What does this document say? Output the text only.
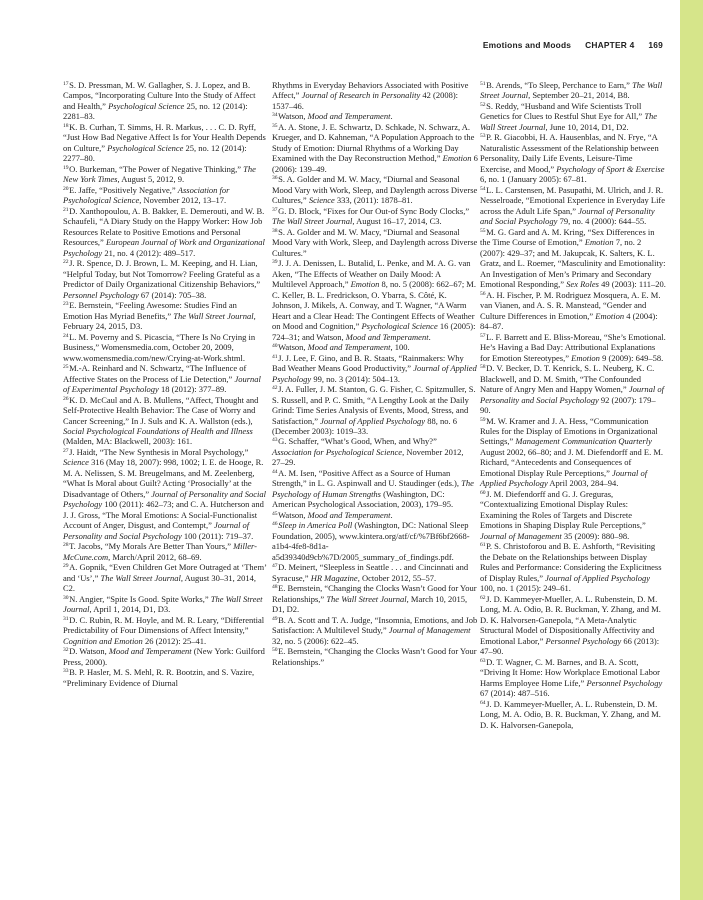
Emotions and Moods CHAPTER 4 169

$^{17}$S. D. Pressman, M. W. Gallagher, S. J. Lopez, and B. Campos, “Incorporating Culture Into the Study of Affect and Health,” Psychological Science 25, no. 12 (2014): 2281–83.

$^{18}$K. B. Curhan, T. Simms, H. R. Markus, . . . C. D. Ryff, “Just How Bad Negative Affect Is for Your Health Depends on Culture,” Psychological Science 25, no. 12 (2014): 2277–80.

$^{19}$O. Burkeman, “The Power of Negative Thinking,” The New York Times, August 5, 2012, 9.

$^{20}$E. Jaffe, “Positively Negative,” Association for Psychological Science, November 2012, 13–17.

$^{21}$D. Xanthopoulou, A. B. Bakker, E. Demerouti, and W. B. Schaufeli, “A Diary Study on the Happy Worker: How Job Resources Relate to Positive Emotions and Personal Resources,” European Journal of Work and Organizational Psychology 21, no. 4 (2012): 489–517.

$^{22}$J. R. Spence, D. J. Brown, L. M. Keeping, and H. Lian, “Helpful Today, but Not Tomorrow? Feeling Grateful as a Predictor of Daily Organizational Citizenship Behaviors,” Personnel Psychology 67 (2014): 705–38.

$^{23}$E. Bernstein, “Feeling Awesome: Studies Find an Emotion Has Myriad Benefits,” The Wall Street Journal, February 24, 2015, D3.

$^{24}$L. M. Poverny and S. Picascia, “There Is No Crying in Business,” Womensmedia.com, October 20, 2009, www.womensmedia.com/new/Crying-at-Work.shtml.

$^{25}$M.-A. Reinhard and N. Schwartz, “The Influence of Affective States on the Process of Lie Detection,” Journal of Experimental Psychology 18 (2012): 377–89.

$^{26}$K. D. McCaul and A. B. Mullens, “Affect, Thought and Self-Protective Health Behavior: The Case of Worry and Cancer Screening,” In J. Suls and K. A. Wallston (eds.), Social Psychological Foundations of Health and Illness (Malden, MA: Blackwell, 2003): 161.

$^{27}$J. Haidt, “The New Synthesis in Moral Psychology,” Science 316 (May 18, 2007): 998, 1002; I. E. de Hooge, R. M. A. Nelissen, S. M. Breugelmans, and M. Zeelenberg, “What Is Moral about Guilt? Acting ‘Prosocially’ at the Disadvantage of Others,” Journal of Personality and Social Psychology 100 (2011): 462–73; and C. A. Hutcherson and J. J. Gross, “The Moral Emotions: A Social-Functionalist Account of Anger, Disgust, and Contempt,” Journal of Personality and Social Psychology 100 (2011): 719–37.

$^{28}$T. Jacobs, “My Morals Are Better Than Yours,” Miller-McCune.com, March/April 2012, 68–69.

$^{29}$A. Gopnik, “Even Children Get More Outraged at ‘Them’ and ‘Us’,” The Wall Street Journal, August 30–31, 2014, C2.

$^{30}$N. Angier, “Spite Is Good. Spite Works,” The Wall Street Journal, April 1, 2014, D1, D3.

$^{31}$D. C. Rubin, R. M. Hoyle, and M. R. Leary, “Differential Predictability of Four Dimensions of Affect Intensity,” Cognition and Emotion 26 (2012): 25–41.

$^{32}$D. Watson, Mood and Temperament (New York: Guilford Press, 2000).

$^{33}$B. P. Hasler, M. S. Mehl, R. R. Bootzin, and S. Vazire, “Preliminary Evidence of Diurnal

Rhythms in Everyday Behaviors Associated with Positive Affect,” Journal of Research in Personality 42 (2008): 1537–46.

$^{34}$Watson, Mood and Temperament.

$^{35}$A. A. Stone, J. E. Schwartz, D. Schkade, N. Schwarz, A. Krueger, and D. Kahneman, “A Population Approach to the Study of Emotion: Diurnal Rhythms of a Working Day Examined with the Day Reconstruction Method,” Emotion 6 (2006): 139–49.

$^{36}$S. A. Golder and M. W. Macy, “Diurnal and Seasonal Mood Vary with Work, Sleep, and Daylength across Diverse Cultures,” Science 333, (2011): 1878–81.

$^{37}$G. D. Block, “Fixes for Our Out-of Sync Body Clocks,” The Wall Street Journal, August 16–17, 2014, C3.

$^{38}$S. A. Golder and M. W. Macy, “Diurnal and Seasonal Mood Vary with Work, Sleep, and Daylength across Diverse Cultures.”

$^{39}$J. J. A. Denissen, L. Butalid, L. Penke, and M. A. G. van Aken, “The Effects of Weather on Daily Mood: A Multilevel Approach,” Emotion 8, no. 5 (2008): 662–67; M. C. Keller, B. L. Fredrickson, O. Ybarra, S. Côté, K. Johnson, J. Mikels, A. Conway, and T. Wagner, “A Warm Heart and a Clear Head: The Contingent Effects of Weather on Mood and Cognition,” Psychological Science 16 (2005): 724–31; and Watson, Mood and Temperament.

$^{40}$Watson, Mood and Temperament, 100.

$^{41}$J. J. Lee, F. Gino, and B. R. Staats, “Rainmakers: Why Bad Weather Means Good Productivity,” Journal of Applied Psychology 99, no. 3 (2014): 504–13.

$^{42}$J. A. Fuller, J. M. Stanton, G. G. Fisher, C. Spitzmuller, S. S. Russell, and P. C. Smith, “A Lengthy Look at the Daily Grind: Time Series Analysis of Events, Mood, Stress, and Satisfaction,” Journal of Applied Psychology 88, no. 6 (December 2003): 1019–33.

$^{43}$G. Schaffer, “What’s Good, When, and Why?” Association for Psychological Science, November 2012, 27–29.

$^{44}$A. M. Isen, “Positive Affect as a Source of Human Strength,” in L. G. Aspinwall and U. Staudinger (eds.), The Psychology of Human Strengths (Washington, DC: American Psychological Association, 2003), 179–95.

$^{45}$Watson, Mood and Temperament.

$^{46}$Sleep in America Poll (Washington, DC: National Sleep Foundation, 2005), www.kintera.org/atf/cf/%7Bf6bf2668-a1b4-4fe8-8d1a-a5d39340d9cb%7D/2005_summary_of_findings.pdf.

$^{47}$D. Meinert, “Sleepless in Seattle . . . and Cincinnati and Syracuse,” HR Magazine, October 2012, 55–57.

$^{48}$E. Bernstein, “Changing the Clocks Wasn’t Good for Your Relationships,” The Wall Street Journal, March 10, 2015, D1, D2.

$^{49}$B. A. Scott and T. A. Judge, “Insomnia, Emotions, and Job Satisfaction: A Multilevel Study,” Journal of Management 32, no. 5 (2006): 622–45.

$^{50}$E. Bernstein, “Changing the Clocks Wasn’t Good for Your Relationships.”

$^{51}$B. Arends, “To Sleep, Perchance to Earn,” The Wall Street Journal, September 20–21, 2014, B8.

$^{52}$S. Reddy, “Husband and Wife Scientists Troll Genetics for Clues to Restful Shut Eye for All,” The Wall Street Journal, June 10, 2014, D1, D2.

$^{53}$P. R. Giacobbi, H. A. Hausenblas, and N. Frye, “A Naturalistic Assessment of the Relationship between Personality, Daily Life Events, Leisure-Time Exercise, and Mood,” Psychology of Sport & Exercise 6, no. 1 (January 2005): 67–81.

$^{54}$L. L. Carstensen, M. Pasupathi, M. Ulrich, and J. R. Nesselroade, “Emotional Experience in Everyday Life across the Adult Life Span,” Journal of Personality and Social Psychology 79, no. 4 (2000): 644–55.

$^{55}$M. G. Gard and A. M. Kring, “Sex Differences in the Time Course of Emotion,” Emotion 7, no. 2 (2007): 429–37; and M. Jakupcak, K. Salters, K. L. Gratz, and L. Roemer, “Masculinity and Emotionality: An Investigation of Men’s Primary and Secondary Emotional Responding,” Sex Roles 49 (2003): 111–20.

$^{56}$A. H. Fischer, P. M. Rodriguez Mosquera, A. E. M. van Vianen, and A. S. R. Manstead, “Gender and Culture Differences in Emotion,” Emotion 4 (2004): 84–87.

$^{57}$L. F. Barrett and E. Bliss-Moreau, “She’s Emotional. He’s Having a Bad Day: Attributional Explanations for Emotion Stereotypes,” Emotion 9 (2009): 649–58.

$^{58}$D. V. Becker, D. T. Kenrick, S. L. Neuberg, K. C. Blackwell, and D. M. Smith, “The Confounded Nature of Angry Men and Happy Women,” Journal of Personality and Social Psychology 92 (2007): 179–90.

$^{59}$M. W. Kramer and J. A. Hess, “Communication Rules for the Display of Emotions in Organizational Settings,” Management Communication Quarterly August 2002, 66–80; and J. M. Diefendorff and E. M. Richard, “Antecedents and Consequences of Emotional Display Rule Perceptions,” Journal of Applied Psychology April 2003, 284–94.

$^{60}$J. M. Diefendorff and G. J. Greguras, “Contextualizing Emotional Display Rules: Examining the Roles of Targets and Discrete Emotions in Shaping Display Rule Perceptions,” Journal of Management 35 (2009): 880–98.

$^{61}$P. S. Christoforou and B. E. Ashforth, “Revisiting the Debate on the Relationships between Display Rules and Performance: Considering the Explicitness of Display Rules,” Journal of Applied Psychology 100, no. 1 (2015): 249–61.

$^{62}$J. D. Kammeyer-Mueller, A. L. Rubenstein, D. M. Long, M. A. Odio, B. R. Buckman, Y. Zhang, and M. D. K. Halvorsen-Ganepola, “A Meta-Analytic Structural Model of Dispositionally Affectivity and Emotional Labor,” Personnel Psychology 66 (2013): 47–90.

$^{63}$D. T. Wagner, C. M. Barnes, and B. A. Scott, “Driving It Home: How Workplace Emotional Labor Harms Employee Home Life,” Personnel Psychology 67 (2014): 487–516.

$^{64}$J. D. Kammeyer-Mueller, A. L. Rubenstein, D. M. Long, M. A. Odio, B. R. Buckman, Y. Zhang, and M. D. K. Halvorsen-Ganepola,
